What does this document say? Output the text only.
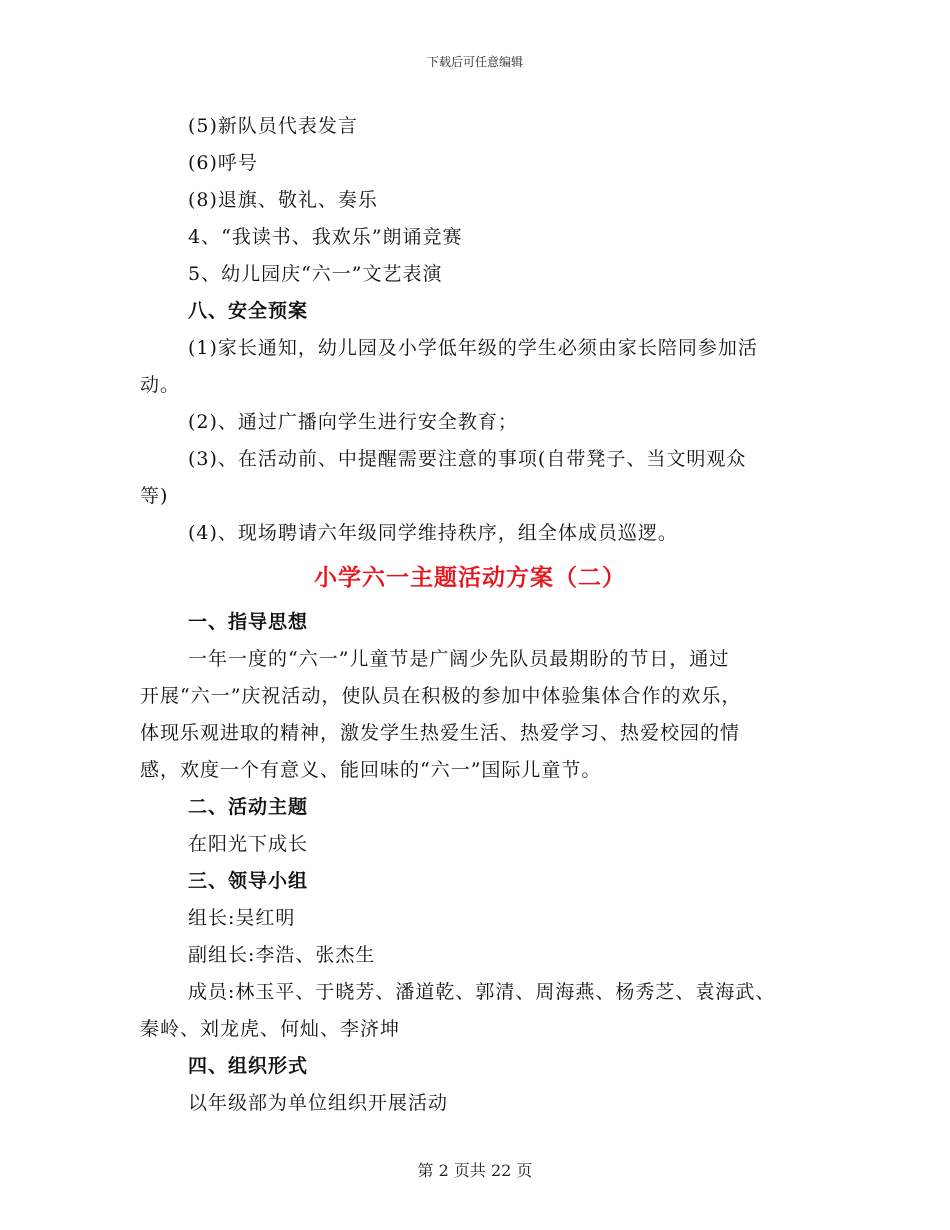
下载后可任意编辑
(5)新队员代表发言
(6)呼号
(8)退旗、敬礼、奏乐
4、“我读书、我欢乐”朗诵竞赛
5、幼儿园庆“六一”文艺表演
八、安全预案
(1)家长通知，幼儿园及小学低年级的学生必须由家长陪同参加活
动。
(2)、通过广播向学生进行安全教育；
(3)、在活动前、中提醒需要注意的事项(自带凳子、当文明观众
等)
(4)、现场聘请六年级同学维持秩序，组全体成员巡逻。
小学六一主题活动方案（二）
一、指导思想
一年一度的“六一”儿童节是广阔少先队员最期盼的节日，通过
开展“六一”庆祝活动，使队员在积极的参加中体验集体合作的欢乐，
体现乐观进取的精神，激发学生热爱生活、热爱学习、热爱校园的情
感，欢度一个有意义、能回味的“六一”国际儿童节。
二、活动主题
在阳光下成长
三、领导小组
组长:吴红明
副组长:李浩、张杰生
成员:林玉平、于晓芳、潘道乾、郭清、周海燕、杨秀芝、袁海武、
秦岭、刘龙虎、何灿、李济坤
四、组织形式
以年级部为单位组织开展活动
第 2 页共 22 页
